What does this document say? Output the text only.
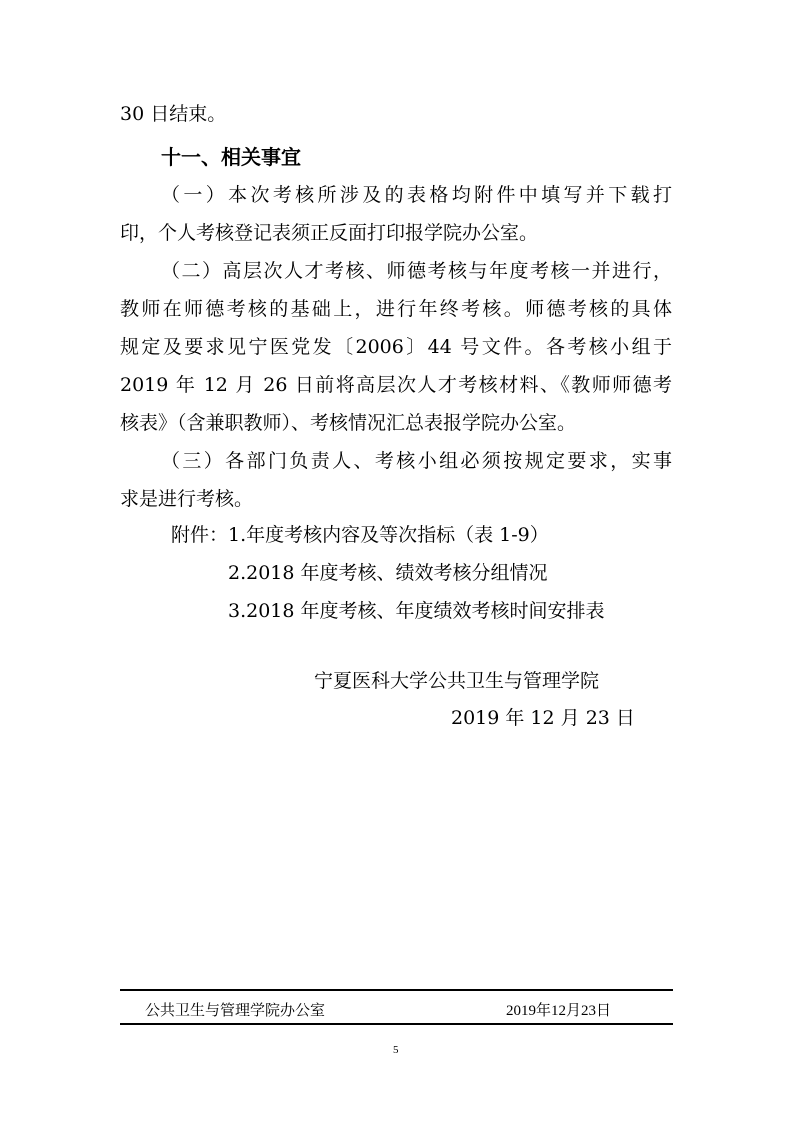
30 日结束。
十一、相关事宜
（一）本次考核所涉及的表格均附件中填写并下载打
印，个人考核登记表须正反面打印报学院办公室。
（二）高层次人才考核、师德考核与年度考核一并进行，
教师在师德考核的基础上，进行年终考核。师德考核的具体
规定及要求见宁医党发〔2006〕44 号文件。各考核小组于
2019 年 12 月 26 日前将高层次人才考核材料、《教师师德考
核表》（含兼职教师）、考核情况汇总表报学院办公室。
（三）各部门负责人、考核小组必须按规定要求，实事
求是进行考核。
附件：1.年度考核内容及等次指标（表 1-9）
2.2018 年度考核、绩效考核分组情况
3.2018 年度考核、年度绩效考核时间安排表
宁夏医科大学公共卫生与管理学院
2019 年 12 月 23 日
公共卫生与管理学院办公室	2019年12月23日
5
